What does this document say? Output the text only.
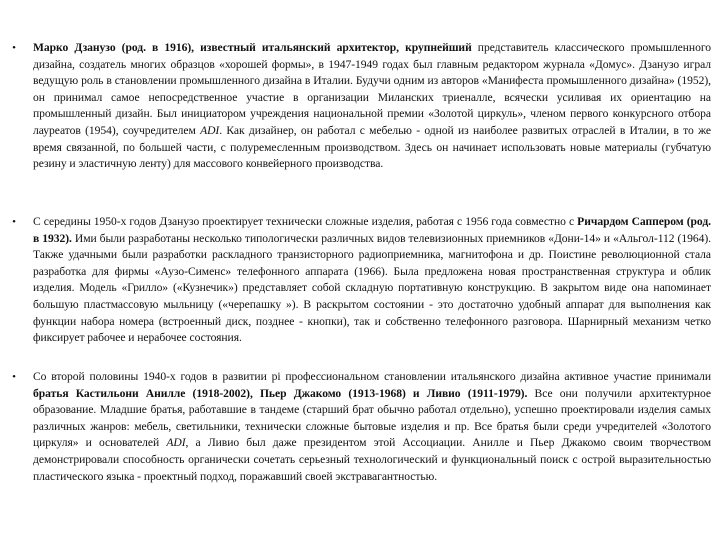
•	Марко Дзанузо (род. в 1916), известный итальянский архитектор, крупнейший представитель классического промышленного дизайна, создатель многих образцов «хорошей формы», в 1947-1949 годах был главным редактором журнала «Домус». Дзанузо играл ведущую роль в становлении промышленного дизайна в Италии. Будучи одним из авторов «Манифеста промышленного дизайна» (1952), он принимал самое непосредственное участие в организации Миланских триеналле, всячески усиливая их ориентацию на промышленный дизайн. Был инициатором учреждения национальной премии «Золотой циркуль», членом первого конкурсного отбора лауреатов (1954), соучредителем ADI. Как дизайнер, он работал с мебелью - одной из наиболее развитых отраслей в Италии, в то же время связанной, по большей части, с полуремесленным производством. Здесь он начинает использовать новые материалы (губчатую резину и эластичную ленту) для массового конвейерного производства.
•	С середины 1950-х годов Дзанузо проектирует технически сложные изделия, работая с 1956 года совместно с Ричардом Саппером (род. в 1932). Ими были разработаны несколько типологически различных видов телевизионных приемников «Дони-14» и «Альгол-112 (1964). Также удачными были разработки раскладного транзисторного радиоприемника, магнитофона и др. Поистине революционной стала разработка для фирмы «Аузо-Сименс» телефонного аппарата (1966). Была предложена новая пространственная структура и облик изделия. Модель «Грилло» («Кузнечик») представляет собой складную портативную конструкцию. В закрытом виде она напоминает большую пластмассовую мыльницу («черепашку »). В раскрытом состоянии - это достаточно удобный аппарат для выполнения как функции набора номера (встроенный диск, позднее - кнопки), так и собственно телефонного разговора. Шарнирный механизм четко фиксирует рабочее и нерабочее состояния.
•	Со второй половины 1940-х годов в развитии рі профессиональном становлении итальянского дизайна активное участие принимали братья Кастильони Аниллe (1918-2002), Пьер Джакомо (1913-1968) и Ливио (1911-1979). Все они получили архитектурное образование. Младшие братья, работавшие в тандеме (старший брат обычно работал отдельно), успешно проектировали изделия самых различных жанров: мебель, светильники, технически сложные бытовые изделия и пр. Все братья были среди учредителей «Золотого циркуля» и основателей ADI, а Ливио был даже президентом этой Ассоциации. Аниллe и Пьер Джакомо своим творчеством демонстрировали способность органически сочетать серьезный технологический и функциональный поиск с острой выразительностью пластического языка - проектный подход, поражавший своей экстравагантностью.
